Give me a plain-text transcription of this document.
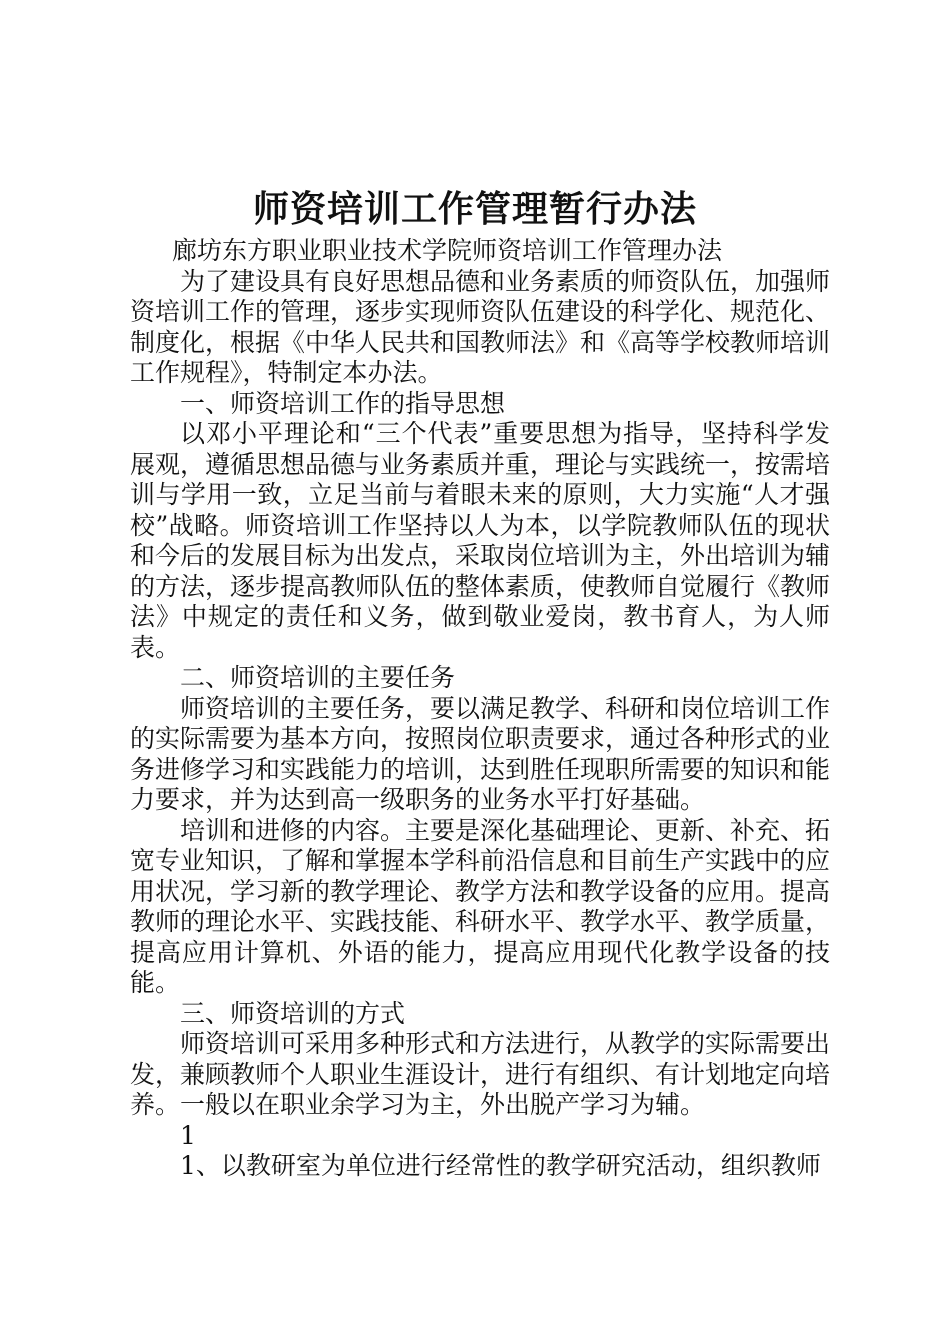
师资培训工作管理暂行办法

廊坊东方职业职业技术学院师资培训工作管理办法

为了建设具有良好思想品德和业务素质的师资队伍，加强师资培训工作的管理，逐步实现师资队伍建设的科学化、规范化、制度化，根据《中华人民共和国教师法》和《高等学校教师培训工作规程》，特制定本办法。

一、师资培训工作的指导思想

以邓小平理论和“三个代表”重要思想为指导，坚持科学发展观，遵循思想品德与业务素质并重，理论与实践统一，按需培训与学用一致，立足当前与着眼未来的原则，大力实施“人才强校”战略。师资培训工作坚持以人为本，以学院教师队伍的现状和今后的发展目标为出发点，采取岗位培训为主，外出培训为辅的方法，逐步提高教师队伍的整体素质，使教师自觉履行《教师法》中规定的责任和义务，做到敬业爱岗，教书育人，为人师表。

二、师资培训的主要任务

师资培训的主要任务，要以满足教学、科研和岗位培训工作的实际需要为基本方向，按照岗位职责要求，通过各种形式的业务进修学习和实践能力的培训，达到胜任现职所需要的知识和能力要求，并为达到高一级职务的业务水平打好基础。

培训和进修的内容。主要是深化基础理论、更新、补充、拓宽专业知识，了解和掌握本学科前沿信息和目前生产实践中的应用状况，学习新的教学理论、教学方法和教学设备的应用。提高教师的理论水平、实践技能、科研水平、教学水平、教学质量，提高应用计算机、外语的能力，提高应用现代化教学设备的技能。

三、师资培训的方式

师资培训可采用多种形式和方法进行，从教学的实际需要出发，兼顾教师个人职业生涯设计，进行有组织、有计划地定向培养。一般以在职业余学习为主，外出脱产学习为辅。

1

1、以教研室为单位进行经常性的教学研究活动，组织教师
